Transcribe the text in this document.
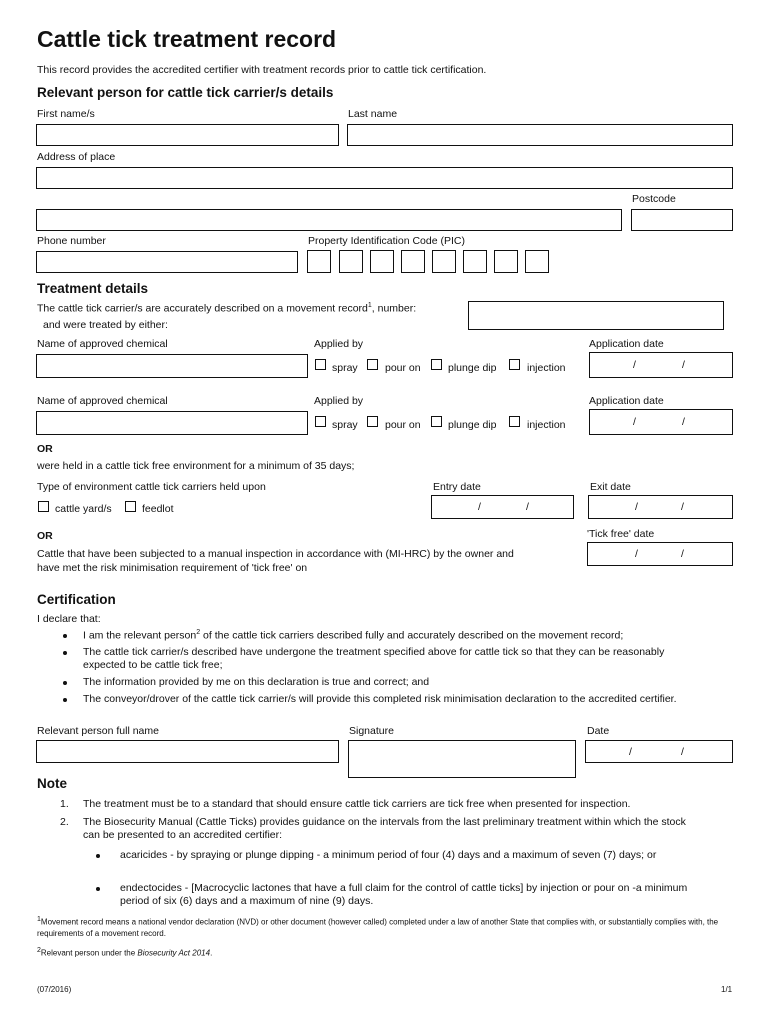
Cattle tick treatment record
This record provides the accredited certifier with treatment records prior to cattle tick certification.
Relevant person for cattle tick carrier/s details
First name/s	Last name
Address of place
Postcode
Phone number	Property Identification Code (PIC)
Treatment details
The cattle tick carrier/s are accurately described on a movement record$^1$, number:
and were treated by either:
Name of approved chemical	Applied by
spray	pour on	plunge dip	injection
Application date
/	/
Name of approved chemical	Applied by
spray	pour on	plunge dip	injection
Application date
/	/
OR
were held in a cattle tick free environment for a minimum of 35 days;
Type of environment cattle tick carriers held upon
cattle yard/s	feedlot
Entry date
/	/
Exit date
/	/
OR	'Tick free' date
/	/
Cattle that have been subjected to a manual inspection in accordance with (MI-HRC) by the owner and
have met the risk minimisation requirement of 'tick free' on
Certification
I declare that:
I am the relevant person$^2$ of the cattle tick carriers described fully and accurately described on the movement record;
The cattle tick carrier/s described have undergone the treatment specified above for cattle tick so that they can be reasonably expected to be cattle tick free;
The information provided by me on this declaration is true and correct; and
The conveyor/drover of the cattle tick carrier/s will provide this completed risk minimisation declaration to the accredited certifier.
Relevant person full name	Signature	Date
/	/
Note
1. The treatment must be to a standard that should ensure cattle tick carriers are tick free when presented for inspection.
2. The Biosecurity Manual (Cattle Ticks) provides guidance on the intervals from the last preliminary treatment within which the stock can be presented to an accredited certifier:
acaricides - by spraying or plunge dipping - a minimum period of four (4) days and a maximum of seven (7) days; or
endectocides - [Macrocyclic lactones that have a full claim for the control of cattle ticks] by injection or pour on -a minimum period of six (6) days and a maximum of nine (9) days.
$^1$Movement record means a national vendor declaration (NVD) or other document (however called) completed under a law of another State that complies with, or substantially complies with, the requirements of a movement record.
$^2$Relevant person under the Biosecurity Act 2014.
(07/2016)	1/1
